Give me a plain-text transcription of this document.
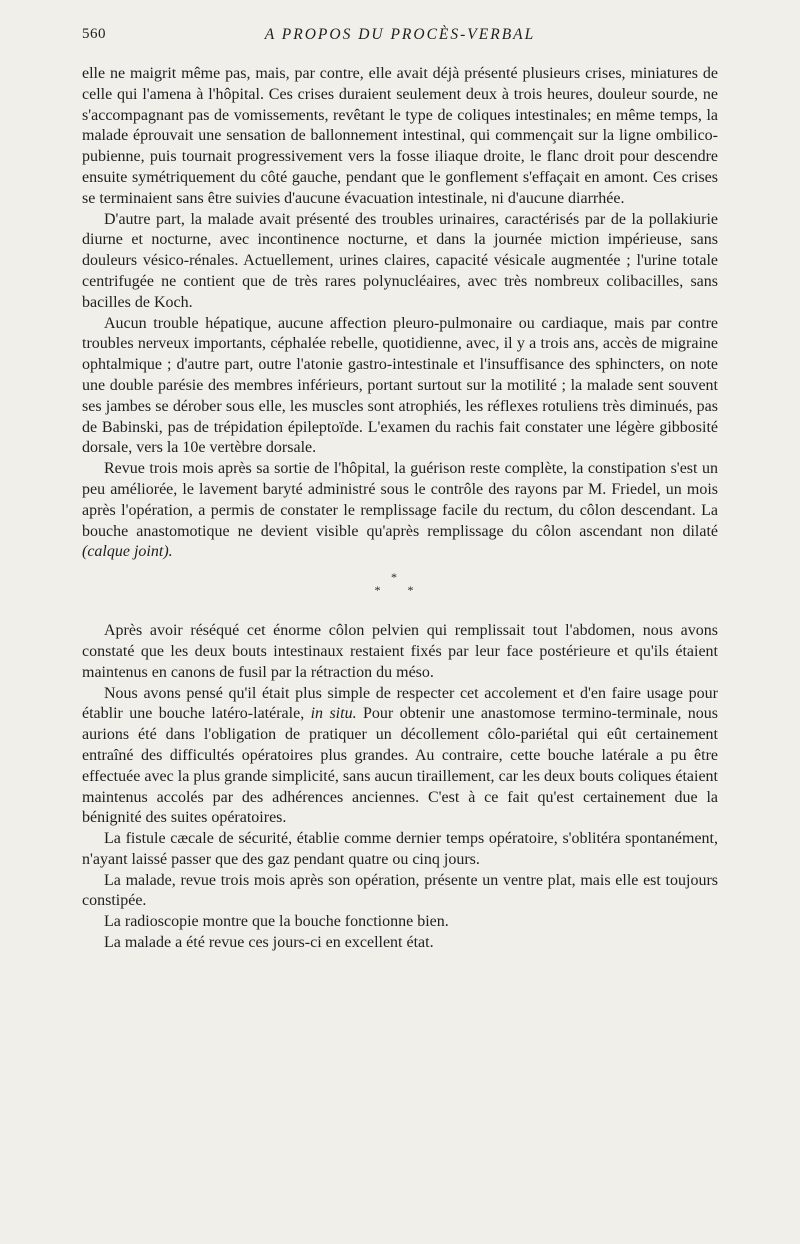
560	A PROPOS DU PROCÈS-VERBAL

elle ne maigrit même pas, mais, par contre, elle avait déjà présenté plusieurs crises, miniatures de celle qui l'amena à l'hôpital. Ces crises duraient seulement deux à trois heures, douleur sourde, ne s'accompagnant pas de vomissements, revêtant le type de coliques intestinales; en même temps, la malade éprouvait une sensation de ballonnement intestinal, qui commençait sur la ligne ombilico-pubienne, puis tournait progressivement vers la fosse iliaque droite, le flanc droit pour descendre ensuite symétriquement du côté gauche, pendant que le gonflement s'effaçait en amont. Ces crises se terminaient sans être suivies d'aucune évacuation intestinale, ni d'aucune diarrhée.

D'autre part, la malade avait présenté des troubles urinaires, caractérisés par de la pollakiurie diurne et nocturne, avec incontinence nocturne, et dans la journée miction impérieuse, sans douleurs vésico-rénales. Actuellement, urines claires, capacité vésicale augmentée ; l'urine totale centrifugée ne contient que de très rares polynucléaires, avec très nombreux colibacilles, sans bacilles de Koch.

Aucun trouble hépatique, aucune affection pleuro-pulmonaire ou cardiaque, mais par contre troubles nerveux importants, céphalée rebelle, quotidienne, avec, il y a trois ans, accès de migraine ophtalmique ; d'autre part, outre l'atonie gastro-intestinale et l'insuffisance des sphincters, on note une double parésie des membres inférieurs, portant surtout sur la motilité ; la malade sent souvent ses jambes se dérober sous elle, les muscles sont atrophiés, les réflexes rotuliens très diminués, pas de Babinski, pas de trépidation épileptoïde. L'examen du rachis fait constater une légère gibbosité dorsale, vers la 10e vertèbre dorsale.

Revue trois mois après sa sortie de l'hôpital, la guérison reste complète, la constipation s'est un peu améliorée, le lavement baryté administré sous le contrôle des rayons par M. Friedel, un mois après l'opération, a permis de constater le remplissage facile du rectum, du côlon descendant. La bouche anastomotique ne devient visible qu'après remplissage du côlon ascendant non dilaté (calque joint).

*
* *

Après avoir réséqué cet énorme côlon pelvien qui remplissait tout l'abdomen, nous avons constaté que les deux bouts intestinaux restaient fixés par leur face postérieure et qu'ils étaient maintenus en canons de fusil par la rétraction du méso.

Nous avons pensé qu'il était plus simple de respecter cet accolement et d'en faire usage pour établir une bouche latéro-latérale, in situ. Pour obtenir une anastomose termino-terminale, nous aurions été dans l'obligation de pratiquer un décollement côlo-pariétal qui eût certainement entraîné des difficultés opératoires plus grandes. Au contraire, cette bouche latérale a pu être effectuée avec la plus grande simplicité, sans aucun tiraillement, car les deux bouts coliques étaient maintenus accolés par des adhérences anciennes. C'est à ce fait qu'est certainement due la bénignité des suites opératoires.

La fistule cæcale de sécurité, établie comme dernier temps opératoire, s'oblitéra spontanément, n'ayant laissé passer que des gaz pendant quatre ou cinq jours.

La malade, revue trois mois après son opération, présente un ventre plat, mais elle est toujours constipée.

La radioscopie montre que la bouche fonctionne bien.

La malade a été revue ces jours-ci en excellent état.
